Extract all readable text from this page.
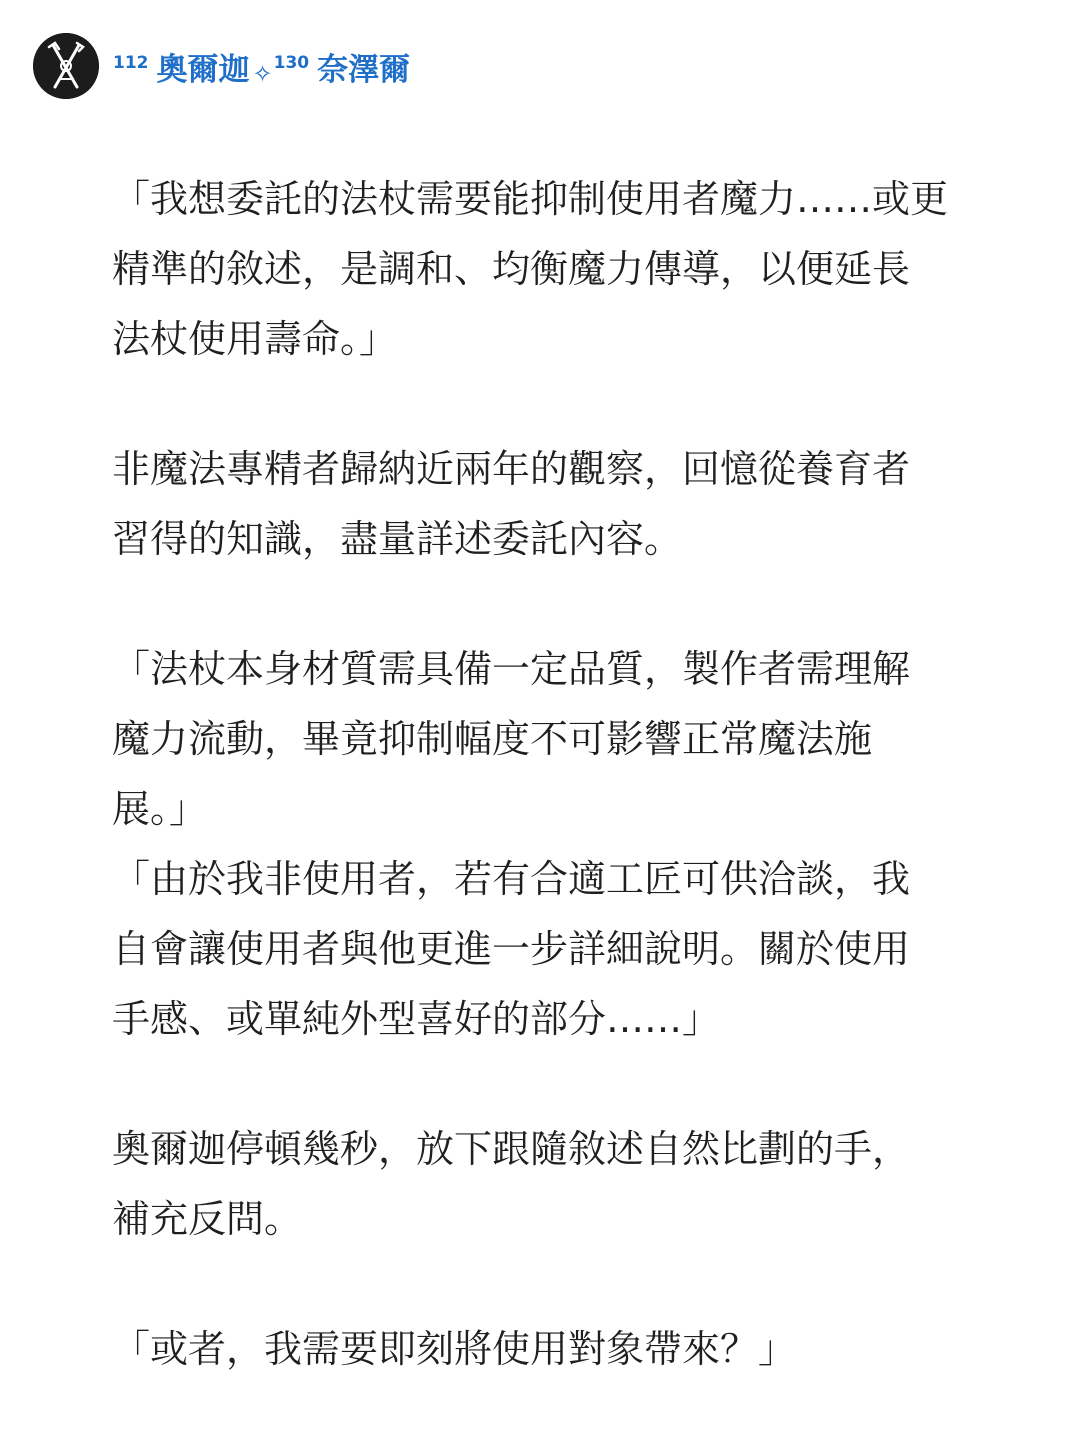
112 奧爾迦 ✧ 130 奈澤爾

「我想委託的法杖需要能抑制使用者魔力……或更
精準的敘述，是調和、均衡魔力傳導，以便延長
法杖使用壽命。」

非魔法專精者歸納近兩年的觀察，回憶從養育者
習得的知識，盡量詳述委託內容。

「法杖本身材質需具備一定品質，製作者需理解
魔力流動，畢竟抑制幅度不可影響正常魔法施
展。」

「由於我非使用者，若有合適工匠可供洽談，我
自會讓使用者與他更進一步詳細說明。關於使用
手感、或單純外型喜好的部分……」

奧爾迦停頓幾秒，放下跟隨敘述自然比劃的手，
補充反問。

「或者，我需要即刻將使用對象帶來？」
